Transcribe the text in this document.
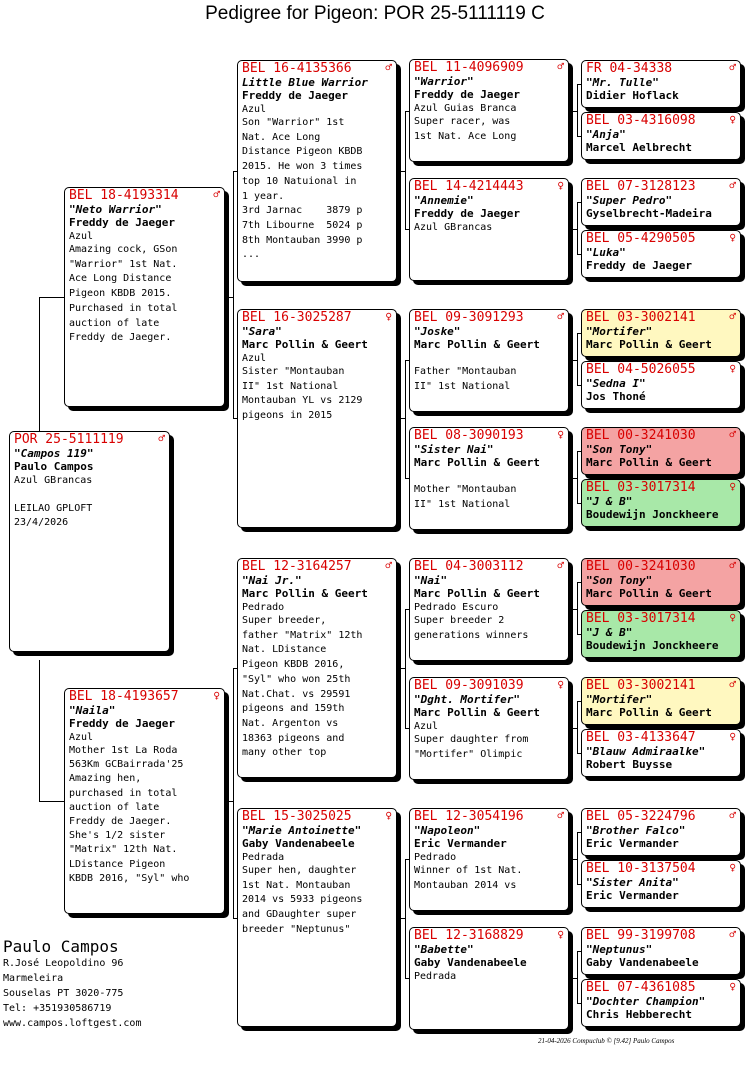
Pedigree for Pigeon: POR 25-5111119 C
POR 25-5111119	♂
"Campos 119"
Paulo Campos
Azul GBrancas

LEILAO GPLOFT
23/4/2026
BEL 18-4193314	♂
"Neto Warrior"
Freddy de Jaeger
Azul
Amazing cock, GSon
"Warrior" 1st Nat.
Ace Long Distance
Pigeon KBDB 2015.
Purchased in total
auction of late
Freddy de Jaeger.
BEL 18-4193657	♀
"Naila"
Freddy de Jaeger
Azul
Mother 1st La Roda
563Km GCBairrada'25
Amazing hen,
purchased in total
auction of late
Freddy de Jaeger.
She's 1/2 sister
"Matrix" 12th Nat.
LDistance Pigeon
KBDB 2016, "Syl" who
BEL 16-4135366	♂
Little Blue Warrior
Freddy de Jaeger
Azul
Son "Warrior" 1st
Nat. Ace Long
Distance Pigeon KBDB
2015. He won 3 times
top 10 Natuional in
1 year.
3rd Jarnac    3879 p
7th Libourne  5024 p
8th Montauban 3990 p
...
BEL 16-3025287	♀
"Sara"
Marc Pollin & Geert
Azul
Sister "Montauban
II" 1st National
Montauban YL vs 2129
pigeons in 2015
BEL 12-3164257	♂
"Nai Jr."
Marc Pollin & Geert
Pedrado
Super breeder,
father "Matrix" 12th
Nat. LDistance
Pigeon KBDB 2016,
"Syl" who won 25th
Nat.Chat. vs 29591
pigeons and 159th
Nat. Argenton vs
18363 pigeons and
many other top
BEL 15-3025025	♀
"Marie Antoinette"
Gaby Vandenabeele
Pedrada
Super hen, daughter
1st Nat. Montauban
2014 vs 5933 pigeons
and GDaughter super
breeder "Neptunus"
BEL 11-4096909	♂
"Warrior"
Freddy de Jaeger
Azul Guias Branca
Super racer, was
1st Nat. Ace Long
BEL 14-4214443	♀
"Annemie"
Freddy de Jaeger
Azul GBrancas
BEL 09-3091293	♂
"Joske"
Marc Pollin & Geert

Father "Montauban
II" 1st National
BEL 08-3090193	♀
"Sister Nai"
Marc Pollin & Geert

Mother "Montauban
II" 1st National
BEL 04-3003112	♂
"Nai"
Marc Pollin & Geert
Pedrado Escuro
Super breeder 2
generations winners
BEL 09-3091039	♀
"Dght. Mortifer"
Marc Pollin & Geert
Azul
Super daughter from
"Mortifer" Olimpic
BEL 12-3054196	♂
"Napoleon"
Eric Vermander
Pedrado
Winner of 1st Nat.
Montauban 2014 vs
BEL 12-3168829	♀
"Babette"
Gaby Vandenabeele
Pedrada
FR 04-34338	♂
"Mr. Tulle"
Didier Hoflack
BEL 03-4316098	♀
"Anja"
Marcel Aelbrecht
BEL 07-3128123	♂
"Super Pedro"
Gyselbrecht-Madeira
BEL 05-4290505	♀
"Luka"
Freddy de Jaeger
BEL 03-3002141	♂
"Mortifer"
Marc Pollin & Geert
BEL 04-5026055	♀
"Sedna I"
Jos Thoné
BEL 00-3241030	♂
"Son Tony"
Marc Pollin & Geert
BEL 03-3017314	♀
"J & B"
Boudewijn Jonckheere
BEL 00-3241030	♂
"Son Tony"
Marc Pollin & Geert
BEL 03-3017314	♀
"J & B"
Boudewijn Jonckheere
BEL 03-3002141	♂
"Mortifer"
Marc Pollin & Geert
BEL 03-4133647	♀
"Blauw Admiraalke"
Robert Buysse
BEL 05-3224796	♂
"Brother Falco"
Eric Vermander
BEL 10-3137504	♀
"Sister Anita"
Eric Vermander
BEL 99-3199708	♂
"Neptunus"
Gaby Vandenabeele
BEL 07-4361085	♀
"Dochter Champion"
Chris Hebberecht
Paulo Campos
R.José Leopoldino 96
Marmeleira
Souselas PT 3020-775
Tel: +351930586719
www.campos.loftgest.com
21-04-2026 Compuclub © [9.42] Paulo Campos
